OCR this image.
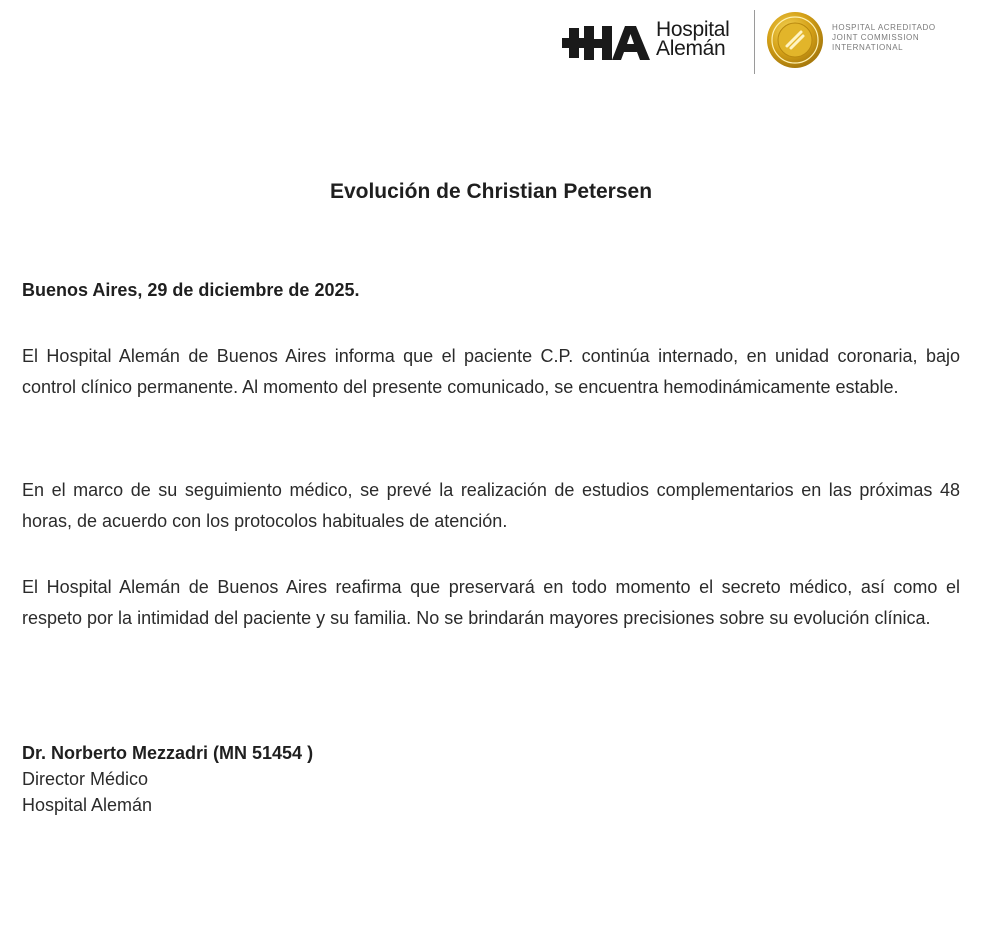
Hospital
Alemán
HOSPITAL ACREDITADO
JOINT COMMISSION
INTERNATIONAL
Evolución de Christian Petersen
Buenos Aires, 29 de diciembre de 2025.
El Hospital Alemán de Buenos Aires informa que el paciente C.P. continúa internado, en unidad coronaria, bajo control clínico permanente. Al momento del presente comunicado, se encuentra hemodinámicamente estable.
En el marco de su seguimiento médico, se prevé la realización de estudios complementarios en las próximas 48 horas, de acuerdo con los protocolos habituales de atención.
El Hospital Alemán de Buenos Aires reafirma que preservará en todo momento el secreto médico, así como el respeto por la intimidad del paciente y su familia. No se brindarán mayores precisiones sobre su evolución clínica.
Dr. Norberto Mezzadri (MN 51454 )
Director Médico
Hospital Alemán
